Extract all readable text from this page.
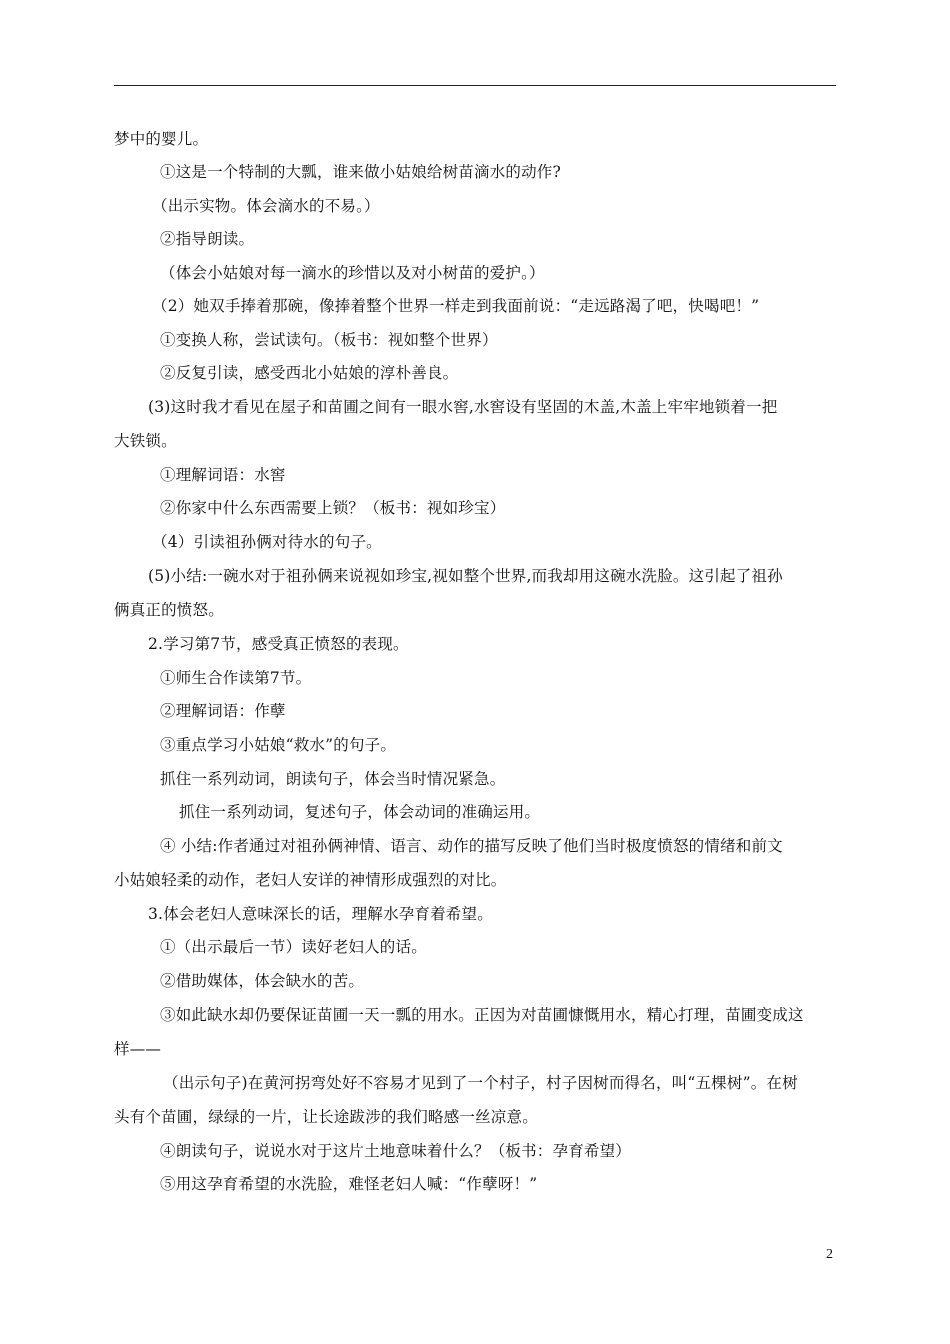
梦中的婴儿。
①这是一个特制的大瓢，谁来做小姑娘给树苗滴水的动作?
（出示实物。体会滴水的不易。）
②指导朗读。
（体会小姑娘对每一滴水的珍惜以及对小树苗的爱护。）
（2）她双手捧着那碗，像捧着整个世界一样走到我面前说：“走远路渴了吧，快喝吧！”
①变换人称，尝试读句。（板书：视如整个世界）
②反复引读，感受西北小姑娘的淳朴善良。
(3)这时我才看见在屋子和苗圃之间有一眼水窖,水窖设有坚固的木盖,木盖上牢牢地锁着一把
大铁锁。
①理解词语：水窖
②你家中什么东西需要上锁？（板书：视如珍宝）
（4）引读祖孙俩对待水的句子。
(5)小结:一碗水对于祖孙俩来说视如珍宝,视如整个世界,而我却用这碗水洗脸。这引起了祖孙
俩真正的愤怒。
2.学习第7节，感受真正愤怒的表现。
①师生合作读第7节。
②理解词语：作孽
③重点学习小姑娘“救水”的句子。
抓住一系列动词，朗读句子，体会当时情况紧急。
抓住一系列动词，复述句子，体会动词的准确运用。
④ 小结:作者通过对祖孙俩神情、语言、动作的描写反映了他们当时极度愤怒的情绪和前文
小姑娘轻柔的动作，老妇人安详的神情形成强烈的对比。
3.体会老妇人意味深长的话，理解水孕育着希望。
①（出示最后一节）读好老妇人的话。
②借助媒体，体会缺水的苦。
③如此缺水却仍要保证苗圃一天一瓢的用水。正因为对苗圃慷慨用水，精心打理，苗圃变成这
样——
（出示句子)在黄河拐弯处好不容易才见到了一个村子，村子因树而得名，叫“五棵树”。在树
头有个苗圃，绿绿的一片，让长途跋涉的我们略感一丝凉意。
④朗读句子，说说水对于这片土地意味着什么？（板书：孕育希望）
⑤用这孕育希望的水洗脸，难怪老妇人喊：“作孽呀！”
2
